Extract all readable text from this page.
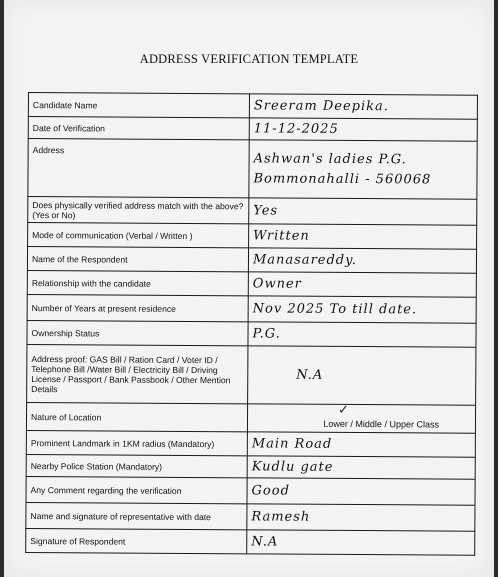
ADDRESS VERIFICATION TEMPLATE
Candidate Name	Sreeram Deepika.
Date of Verification	11-12-2025
Address	Ashwan's ladies P.G.
Bommonahalli - 560068

Does physically verified address match with the above?(Yes or No)	Yes
Mode of communication (Verbal / Written )	Written
Name of the Respondent	Manasareddy.
Relationship with the candidate	Owner
Number of Years at present residence	Nov 2025 To till date.
Ownership Status	P.G.
Address proof: GAS Bill / Ration Card / Voter ID / Telephone Bill /Water Bill / Electricity Bill / Driving License / Passport / Bank Passbook / Other Mention Details	N.A
Nature of Location	✓
Lower / Middle / Upper Class

Prominent Landmark in 1KM radius (Mandatory)	Main Road
Nearby Police Station (Mandatory)	Kudlu gate
Any Comment regarding the verification	Good
Name and signature of representative with date	Ramesh
Signature of Respondent	N.A
